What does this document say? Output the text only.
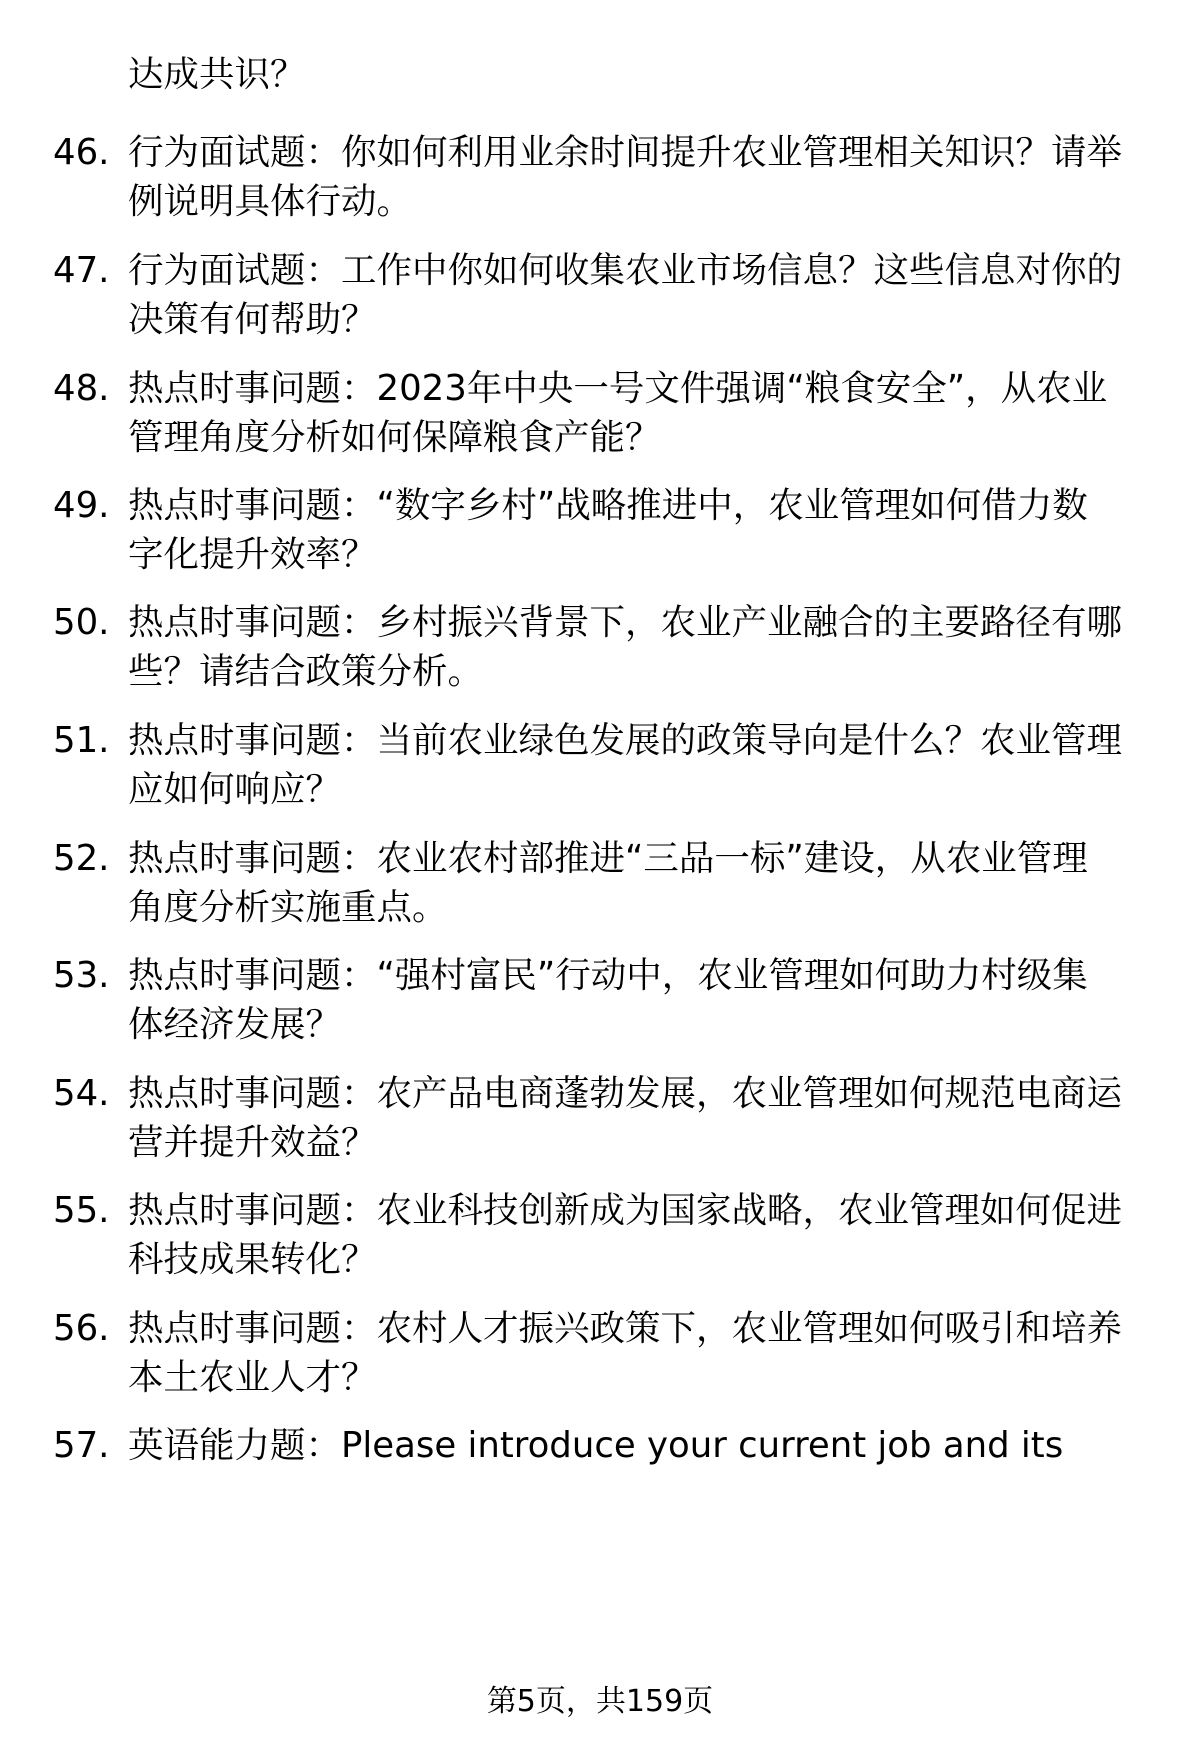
达成共识？
46. 行为面试题：你如何利用业余时间提升农业管理相关知识？请举
例说明具体行动。
47. 行为面试题：工作中你如何收集农业市场信息？这些信息对你的
决策有何帮助？
48. 热点时事问题：2023年中央一号文件强调“粮食安全”，从农业
管理角度分析如何保障粮食产能？
49. 热点时事问题：“数字乡村”战略推进中，农业管理如何借力数
字化提升效率？
50. 热点时事问题：乡村振兴背景下，农业产业融合的主要路径有哪
些？请结合政策分析。
51. 热点时事问题：当前农业绿色发展的政策导向是什么？农业管理
应如何响应？
52. 热点时事问题：农业农村部推进“三品一标”建设，从农业管理
角度分析实施重点。
53. 热点时事问题：“强村富民”行动中，农业管理如何助力村级集
体经济发展？
54. 热点时事问题：农产品电商蓬勃发展，农业管理如何规范电商运
营并提升效益？
55. 热点时事问题：农业科技创新成为国家战略，农业管理如何促进
科技成果转化？
56. 热点时事问题：农村人才振兴政策下，农业管理如何吸引和培养
本土农业人才？
57. 英语能力题：Please introduce your current job and its
第5页，共159页
